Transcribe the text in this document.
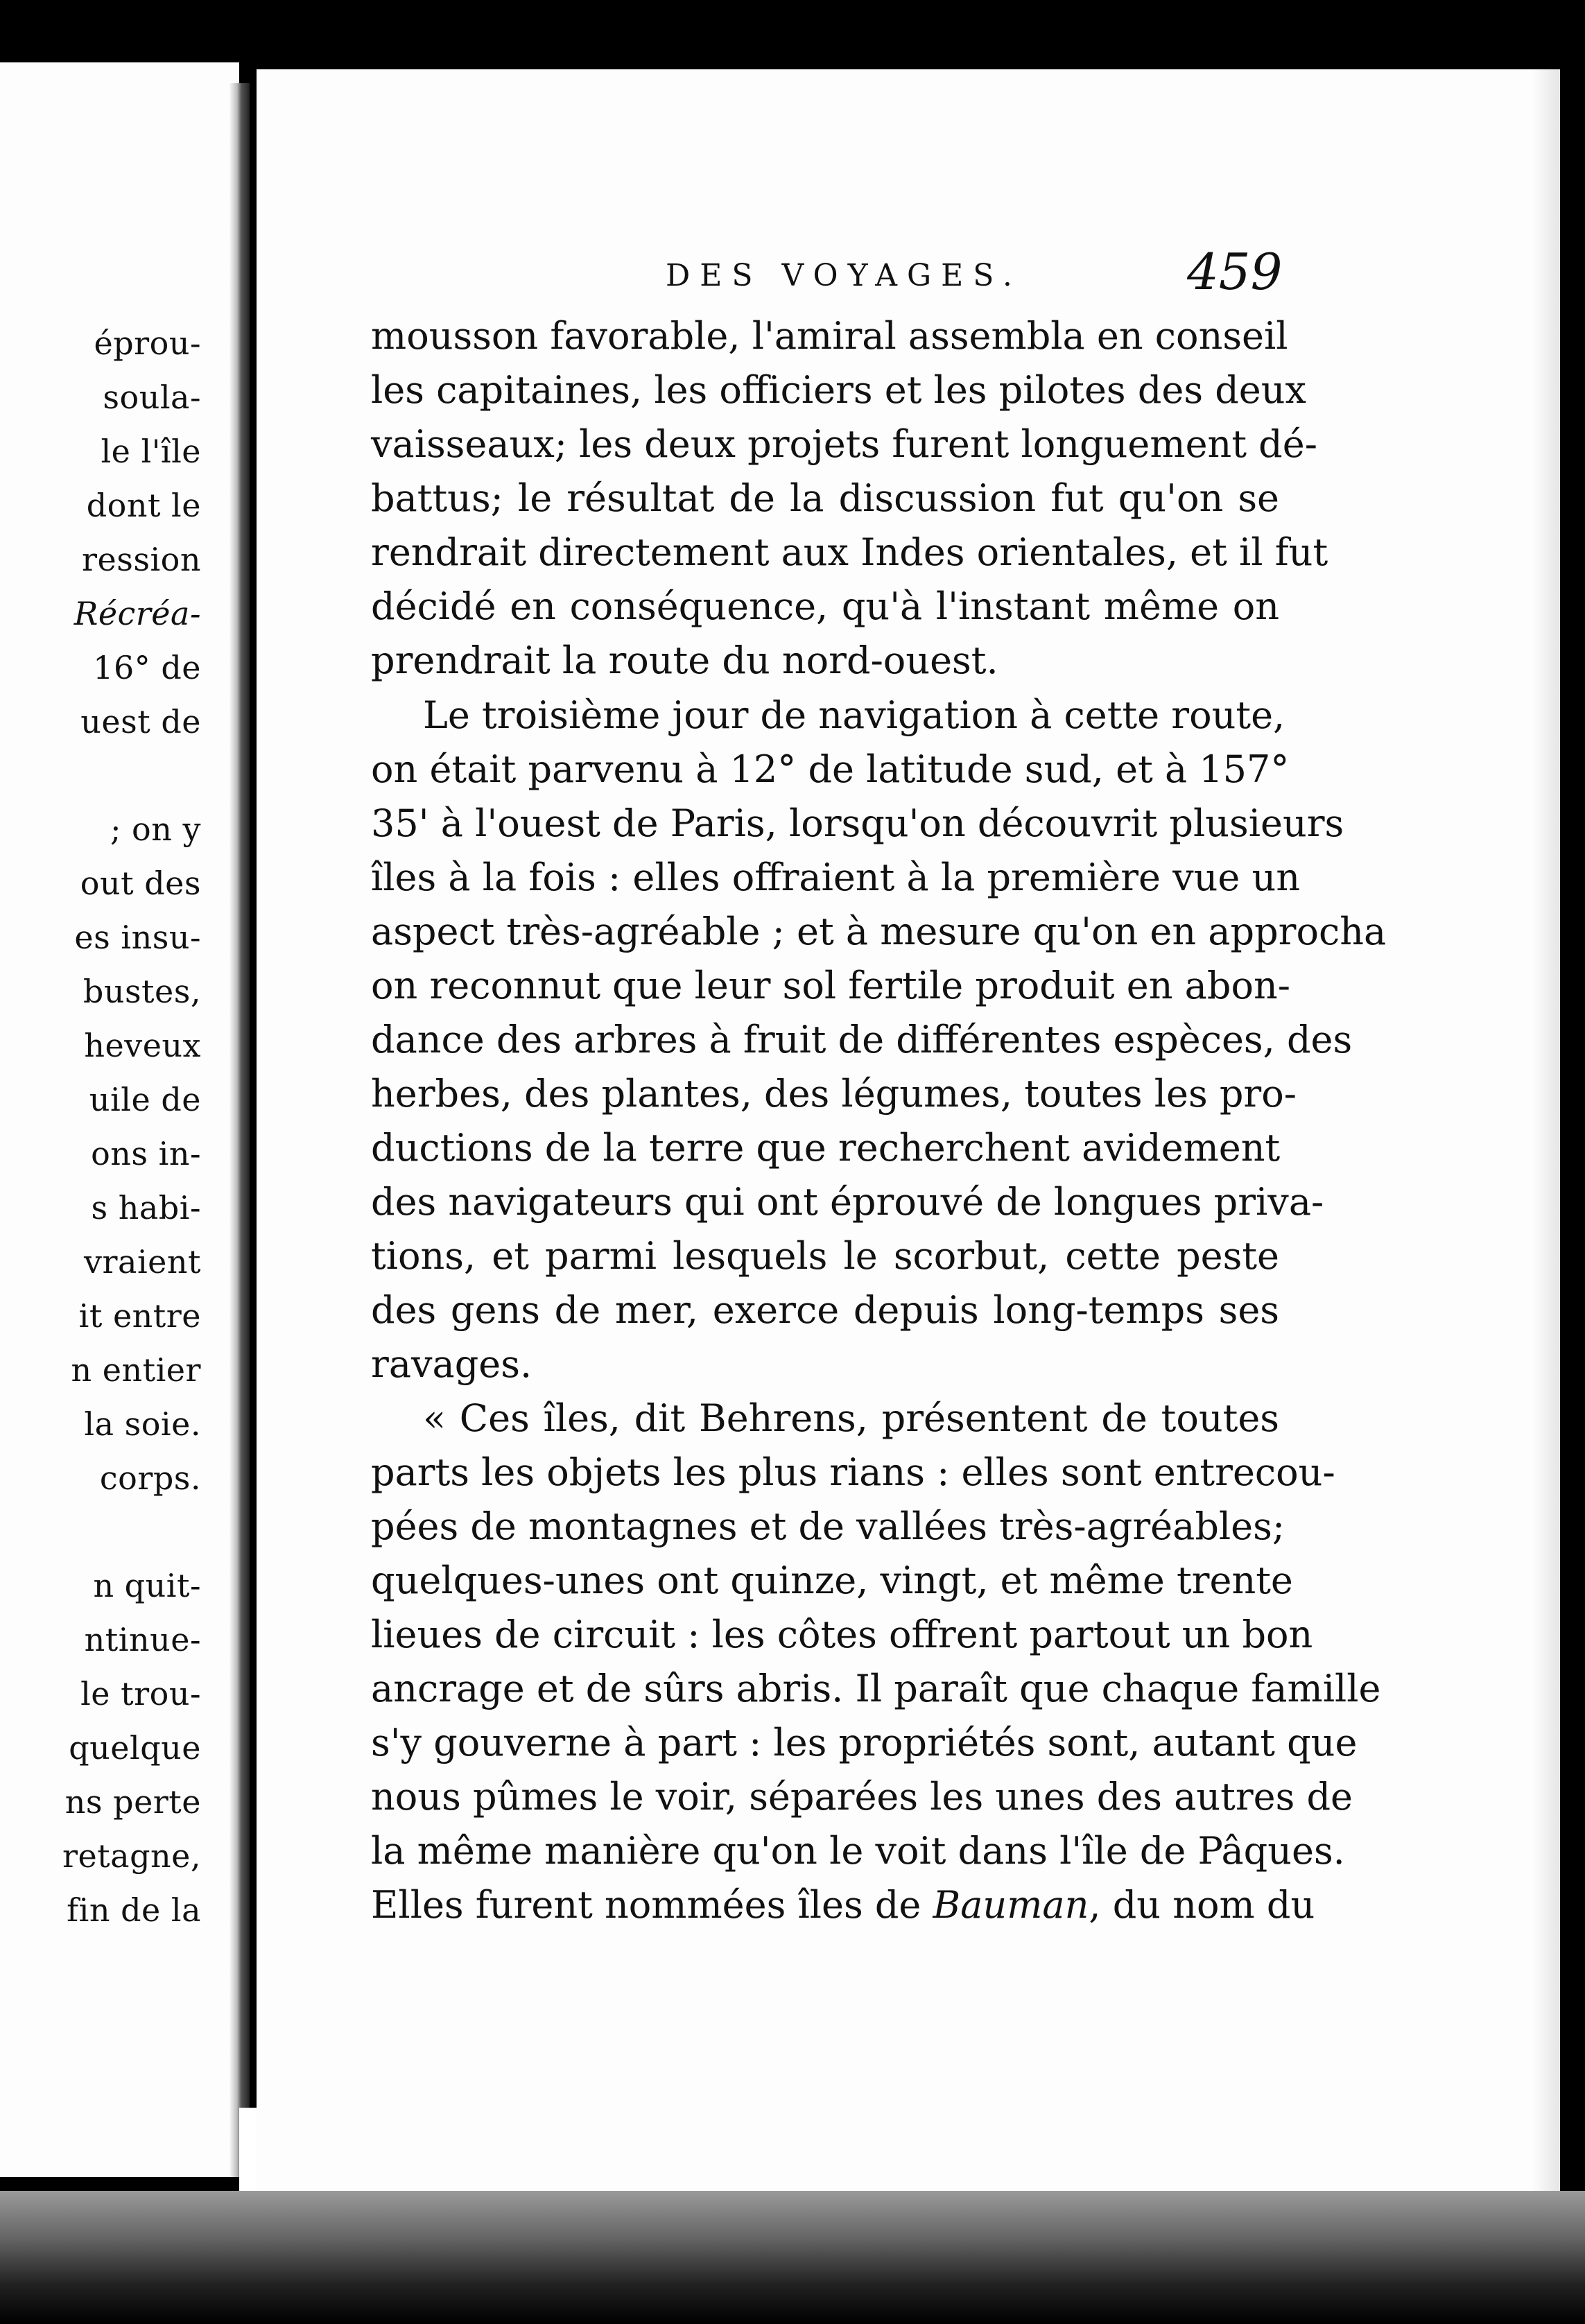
éprou-
soula-
le l'île
dont le
ression
Récréa-
16° de
uest de
; on y
out des
es insu-
bustes,
heveux
uile de
ons in-
s habi-
vraient
it entre
n entier
la soie.
corps.
n quit-
ntinue-
le trou-
quelque
ns perte
retagne,
fin de la
DES VOYAGES.	459
mousson favorable, l'amiral assembla en conseil
les capitaines, les officiers et les pilotes des deux
vaisseaux; les deux projets furent longuement dé-
battus; le résultat de la discussion fut qu'on se
rendrait directement aux Indes orientales, et il fut
décidé en conséquence, qu'à l'instant même on
prendrait la route du nord-ouest.
Le troisième jour de navigation à cette route,
on était parvenu à 12° de latitude sud, et à 157°
35' à l'ouest de Paris, lorsqu'on découvrit plusieurs
îles à la fois : elles offraient à la première vue un
aspect très-agréable ; et à mesure qu'on en approcha
on reconnut que leur sol fertile produit en abon-
dance des arbres à fruit de différentes espèces, des
herbes, des plantes, des légumes, toutes les pro-
ductions de la terre que recherchent avidement
des navigateurs qui ont éprouvé de longues priva-
tions, et parmi lesquels le scorbut, cette peste
des gens de mer, exerce depuis long-temps ses
ravages.
« Ces îles, dit Behrens, présentent de toutes
parts les objets les plus rians : elles sont entrecou-
pées de montagnes et de vallées très-agréables;
quelques-unes ont quinze, vingt, et même trente
lieues de circuit : les côtes offrent partout un bon
ancrage et de sûrs abris. Il paraît que chaque famille
s'y gouverne à part : les propriétés sont, autant que
nous pûmes le voir, séparées les unes des autres de
la même manière qu'on le voit dans l'île de Pâques.
Elles furent nommées îles de Bauman, du nom du
